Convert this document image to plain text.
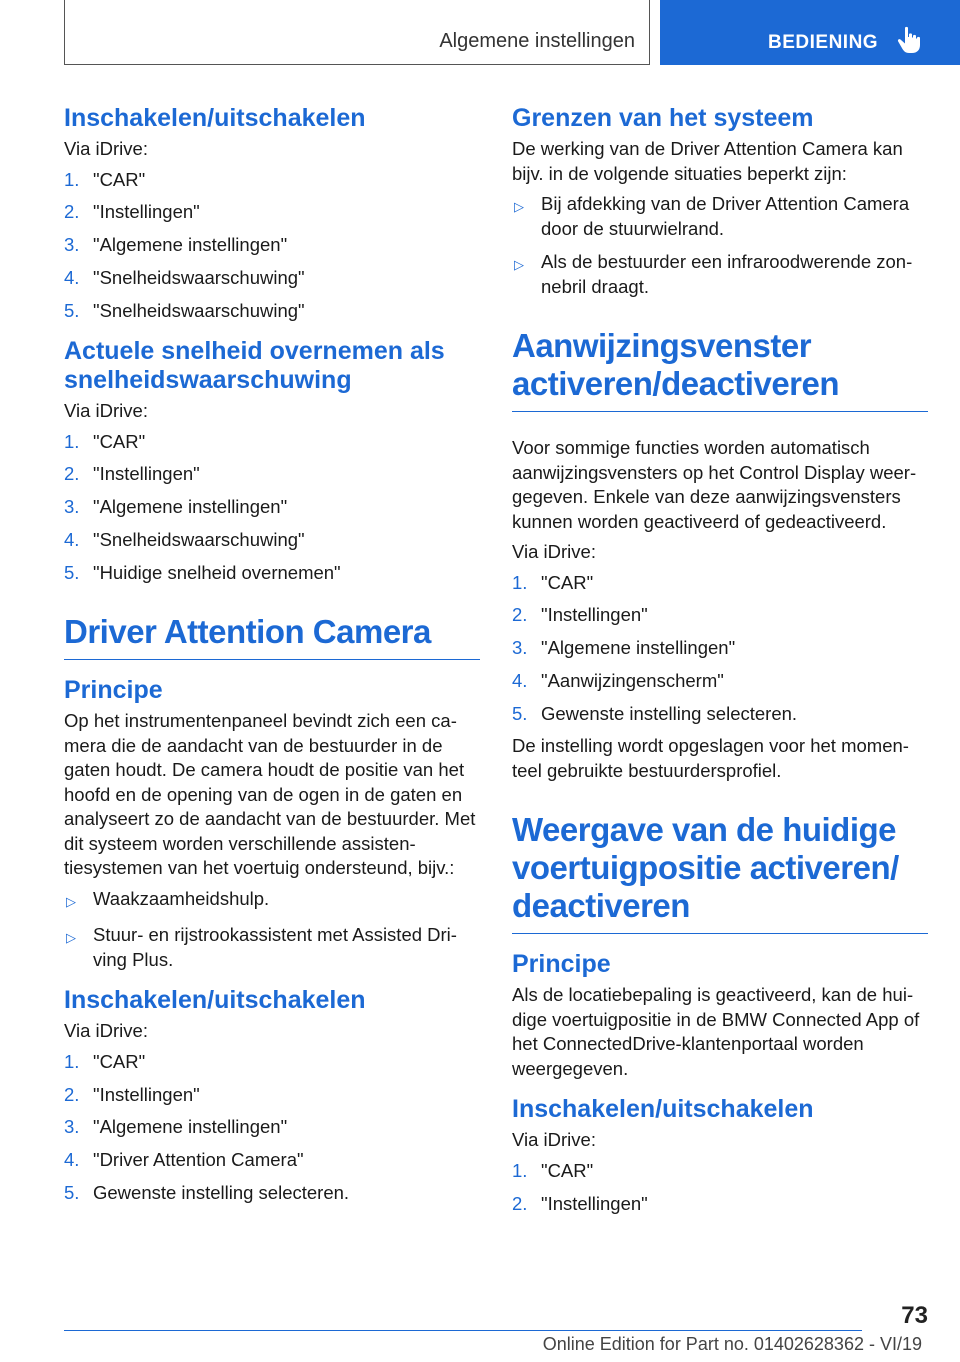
Algemene instellingen	BEDIENING
Inschakelen/uitschakelen
Via iDrive:
1. "CAR"
2. "Instellingen"
3. "Algemene instellingen"
4. "Snelheidswaarschuwing"
5. "Snelheidswaarschuwing"
Actuele snelheid overnemen als snelheidswaarschuwing
Via iDrive:
1. "CAR"
2. "Instellingen"
3. "Algemene instellingen"
4. "Snelheidswaarschuwing"
5. "Huidige snelheid overnemen"
Driver Attention Camera
Principe
Op het instrumentenpaneel bevindt zich een camera die de aandacht van de bestuurder in de gaten houdt. De camera houdt de positie van het hoofd en de opening van de ogen in de gaten en analyseert zo de aandacht van de bestuurder. Met dit systeem worden verschillende assistentiesystemen van het voertuig ondersteund, bijv.:
▷ Waakzaamheidshulp.
▷ Stuur- en rijstrookassistent met Assisted Driving Plus.
Inschakelen/uitschakelen
Via iDrive:
1. "CAR"
2. "Instellingen"
3. "Algemene instellingen"
4. "Driver Attention Camera"
5. Gewenste instelling selecteren.
Grenzen van het systeem
De werking van de Driver Attention Camera kan bijv. in de volgende situaties beperkt zijn:
▷ Bij afdekking van de Driver Attention Camera door de stuurwielrand.
▷ Als de bestuurder een infraroodwerende zonnebril draagt.
Aanwijzingsvenster activeren/deactiveren
Voor sommige functies worden automatisch aanwijzingsvensters op het Control Display weergegeven. Enkele van deze aanwijzingsvensters kunnen worden geactiveerd of gedeactiveerd.
Via iDrive:
1. "CAR"
2. "Instellingen"
3. "Algemene instellingen"
4. "Aanwijzingenscherm"
5. Gewenste instelling selecteren.
De instelling wordt opgeslagen voor het momenteel gebruikte bestuurdersprofiel.
Weergave van de huidige voertuigpositie activeren/ deactiveren
Principe
Als de locatiebepaling is geactiveerd, kan de huidige voertuigpositie in de BMW Connected App of het ConnectedDrive-klantenportaal worden weergegeven.
Inschakelen/uitschakelen
Via iDrive:
1. "CAR"
2. "Instellingen"
73
Online Edition for Part no. 01402628362 - VI/19
